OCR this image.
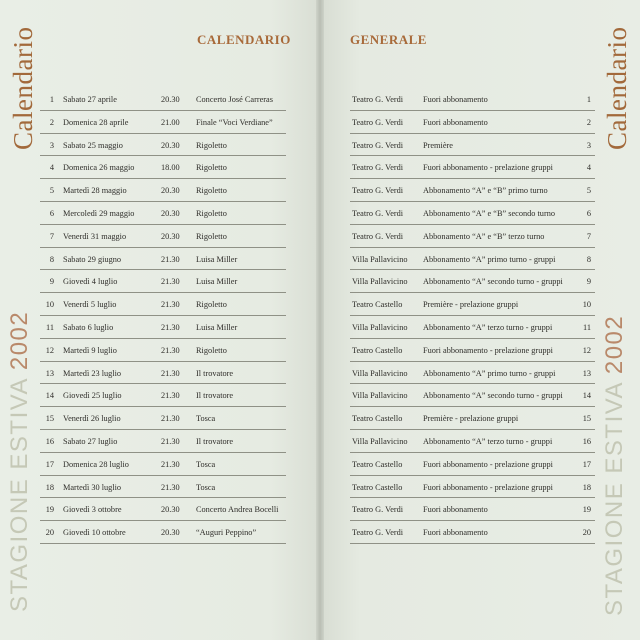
Calendario	Calendario
STAGIONE ESTIVA 2002
STAGIONE ESTIVA 2002
CALENDARIO	GENERALE
1 Sabato 27 aprile	20.30 Concerto José Carreras
2 Domenica 28 aprile	21.00 Finale “Voci Verdiane”
3 Sabato 25 maggio	20.30 Rigoletto
4 Domenica 26 maggio	18.00 Rigoletto
5 Martedì 28 maggio	20.30 Rigoletto
6 Mercoledì 29 maggio	20.30 Rigoletto
7 Venerdì 31 maggio	20.30 Rigoletto
8 Sabato 29 giugno	21.30 Luisa Miller
9 Giovedì 4 luglio	21.30 Luisa Miller
10 Venerdì 5 luglio	21.30 Rigoletto
11 Sabato 6 luglio	21.30 Luisa Miller
12 Martedì 9 luglio	21.30 Rigoletto
13 Martedì 23 luglio	21.30 Il trovatore
14 Giovedì 25 luglio	21.30 Il trovatore
15 Venerdì 26 luglio	21.30 Tosca
16 Sabato 27 luglio	21.30 Il trovatore
17 Domenica 28 luglio	21.30 Tosca
18 Martedì 30 luglio	21.30 Tosca
19 Giovedì 3 ottobre	20.30 Concerto Andrea Bocelli
20 Giovedì 10 ottobre	20.30 “Auguri Peppino”
Teatro G. Verdi Fuori abbonamento	1
Teatro G. Verdi Fuori abbonamento	2
Teatro G. Verdi Première	3
Teatro G. Verdi Fuori abbonamento - prelazione gruppi	4
Teatro G. Verdi Abbonamento “A” e “B” primo turno	5
Teatro G. Verdi Abbonamento “A” e “B” secondo turno	6
Teatro G. Verdi Abbonamento “A” e “B” terzo turno	7
Villa Pallavicino Abbonamento “A” primo turno - gruppi	8
Villa Pallavicino Abbonamento “A” secondo turno - gruppi	9
Teatro Castello Première - prelazione gruppi	10
Villa Pallavicino Abbonamento “A” terzo turno - gruppi	11
Teatro Castello Fuori abbonamento - prelazione gruppi	12
Villa Pallavicino Abbonamento “A” primo turno - gruppi	13
Villa Pallavicino Abbonamento “A” secondo turno - gruppi 14
Teatro Castello Première - prelazione gruppi	15
Villa Pallavicino Abbonamento “A” terzo turno - gruppi	16
Teatro Castello Fuori abbonamento - prelazione gruppi	17
Teatro Castello Fuori abbonamento - prelazione gruppi	18
Teatro G. Verdi Fuori abbonamento	19
Teatro G. Verdi Fuori abbonamento	20
